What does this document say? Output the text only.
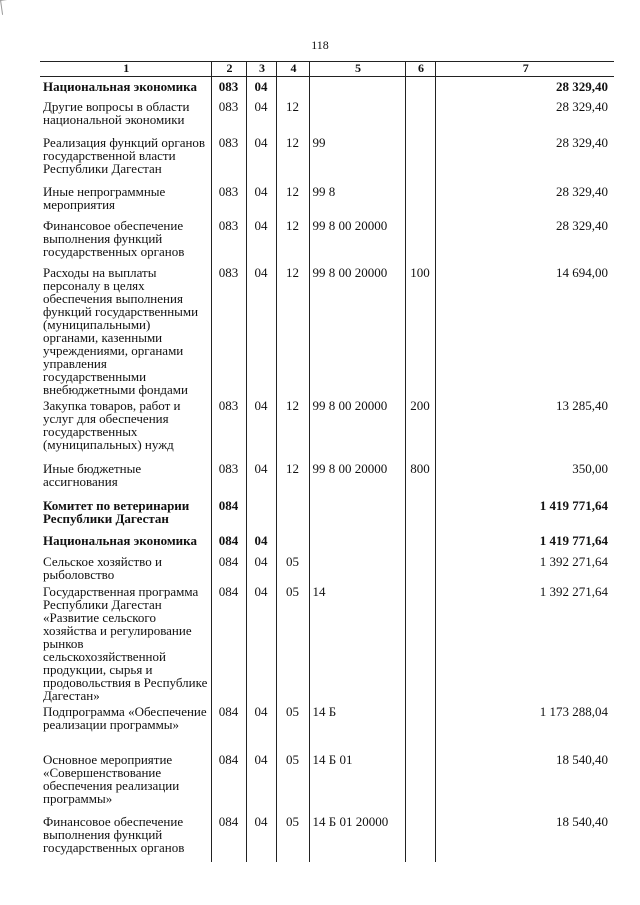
118
1	2	3	4	5	6	7
Национальная экономика	083	04				28 329,40
Другие вопросы в области национальной экономики	083	04	12			28 329,40
Реализация функций органов государственной власти Республики Дагестан	083	04	12	99		28 329,40
Иные непрограммные мероприятия	083	04	12	99 8		28 329,40
Финансовое обеспечение выполнения функций государственных органов	083	04	12	99 8 00 20000		28 329,40
Расходы на выплаты персоналу в целях обеспечения выполнения функций государственными (муниципальными) органами, казенными учреждениями, органами управления государственными внебюджетными фондами	083	04	12	99 8 00 20000	100	14 694,00
Закупка товаров, работ и услуг для обеспечения государственных (муниципальных) нужд	083	04	12	99 8 00 20000	200	13 285,40
Иные бюджетные ассигнования	083	04	12	99 8 00 20000	800	350,00
Комитет по ветеринарии Республики Дагестан	084					1 419 771,64
Национальная экономика	084	04				1 419 771,64
Сельское хозяйство и рыболовство	084	04	05			1 392 271,64
Государственная программа Республики Дагестан «Развитие сельского хозяйства и регулирование рынков сельскохозяйственной продукции, сырья и продовольствия в Республике Дагестан»	084	04	05	14		1 392 271,64
Подпрограмма «Обеспечение реализации программы»	084	04	05	14 Б		1 173 288,04
Основное мероприятие «Совершенствование обеспечения реализации программы»	084	04	05	14 Б 01		18 540,40
Финансовое обеспечение выполнения функций государственных органов	084	04	05	14 Б 01 20000		18 540,40
